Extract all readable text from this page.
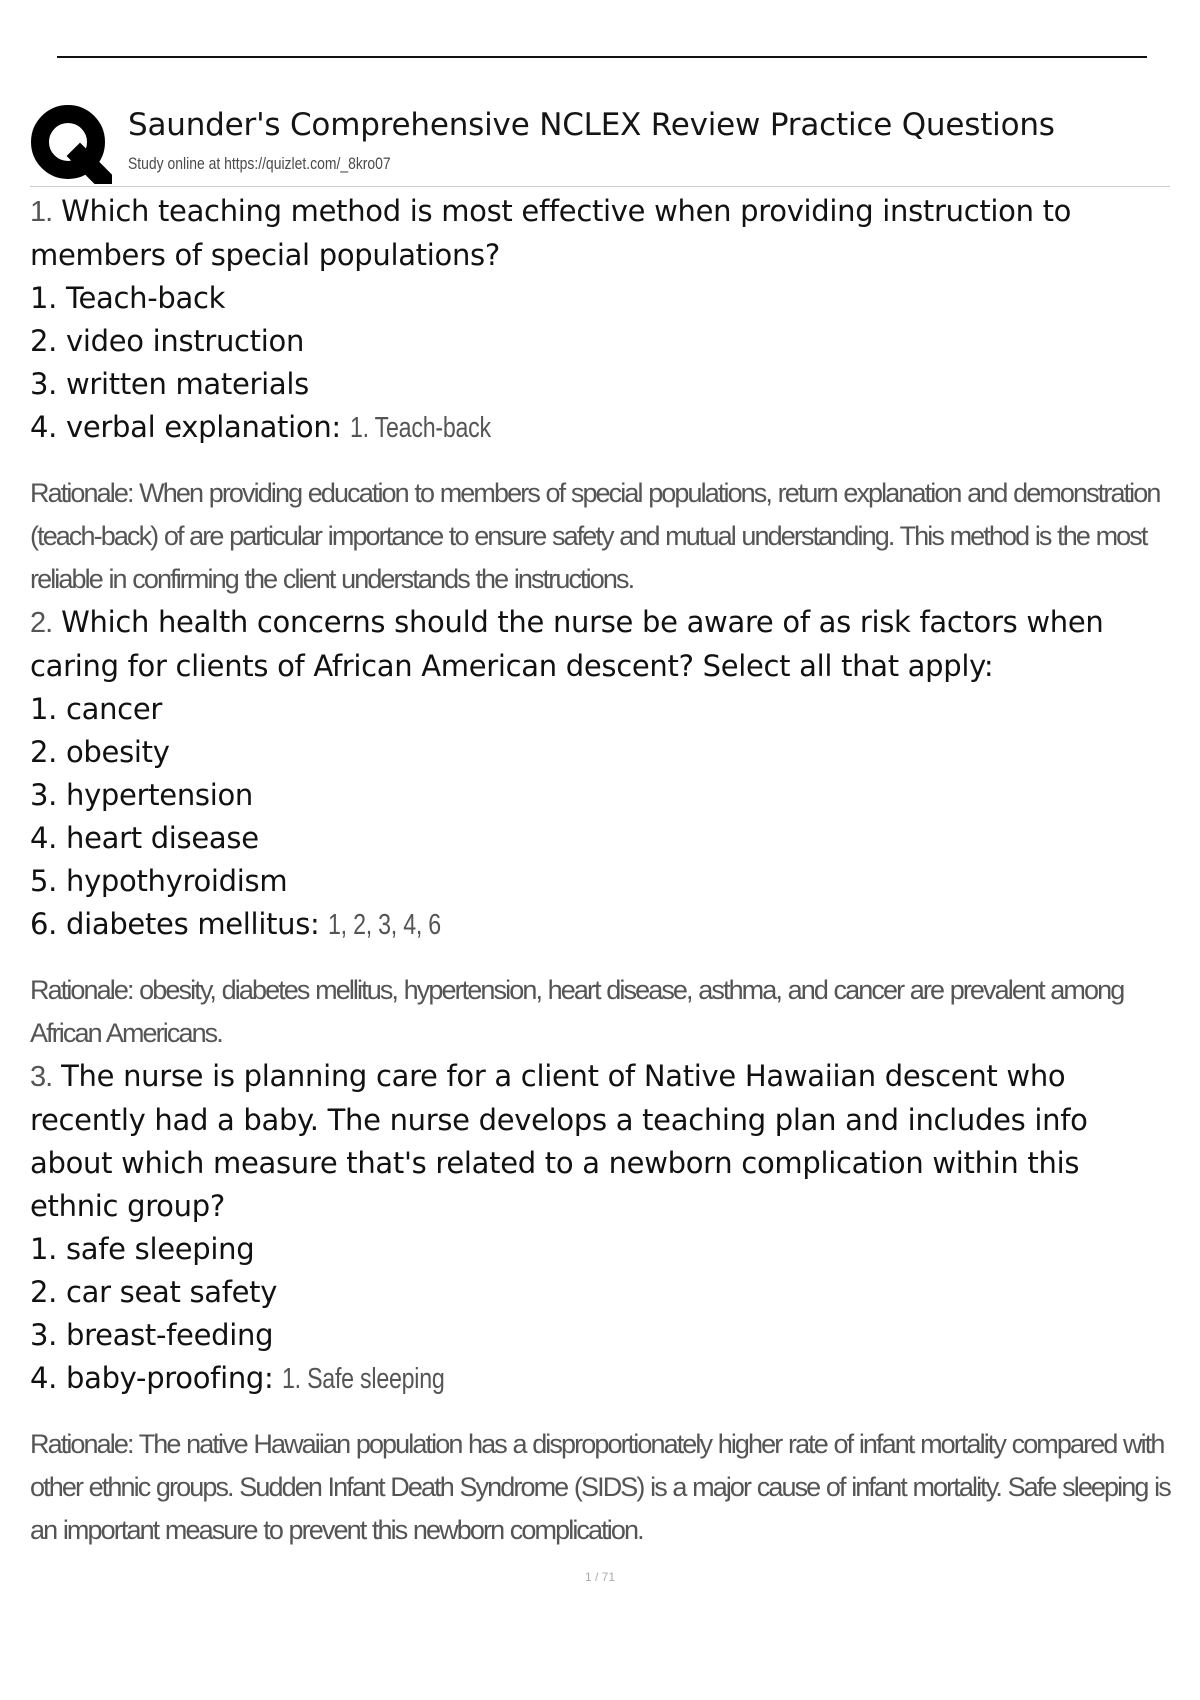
Saunder's Comprehensive NCLEX Review Practice Questions
Study online at https://quizlet.com/_8kro07
1. Which teaching method is most effective when providing instruction to members of special populations?
1. Teach-back
2. video instruction
3. written materials
4. verbal explanation: 1. Teach-back
Rationale: When providing education to members of special populations, return explanation and demonstration (teach-back) of are particular importance to ensure safety and mutual understanding. This method is the most reliable in confirming the client understands the instructions.
2. Which health concerns should the nurse be aware of as risk factors when caring for clients of African American descent? Select all that apply:
1. cancer
2. obesity
3. hypertension
4. heart disease
5. hypothyroidism
6. diabetes mellitus: 1, 2, 3, 4, 6
Rationale: obesity, diabetes mellitus, hypertension, heart disease, asthma, and cancer are prevalent among African Americans.
3. The nurse is planning care for a client of Native Hawaiian descent who recently had a baby. The nurse develops a teaching plan and includes info about which measure that's related to a newborn complication within this ethnic group?
1. safe sleeping
2. car seat safety
3. breast-feeding
4. baby-proofing: 1. Safe sleeping
Rationale: The native Hawaiian population has a disproportionately higher rate of infant mortality compared with other ethnic groups. Sudden Infant Death Syndrome (SIDS) is a major cause of infant mortality. Safe sleeping is an important measure to prevent this newborn complication.
1 / 71
